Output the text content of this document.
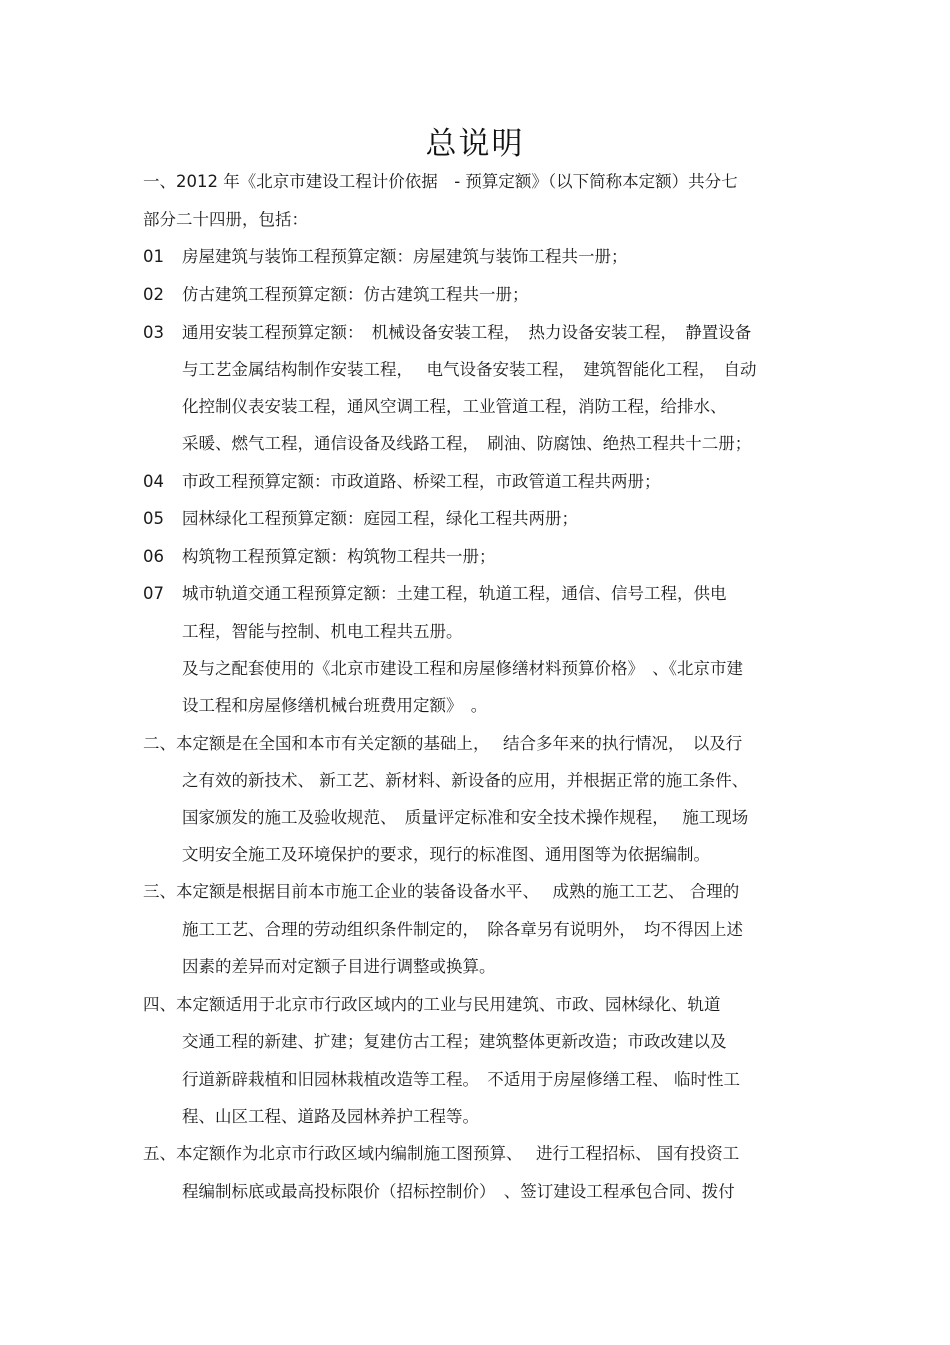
总说明
一、2012 年《北京市建设工程计价依据　- 预算定额》（以下简称本定额）共分七
部分二十四册，包括：
01 房屋建筑与装饰工程预算定额：房屋建筑与装饰工程共一册；
02 仿古建筑工程预算定额：仿古建筑工程共一册；
03 通用安装工程预算定额：　机械设备安装工程，　热力设备安装工程，　静置设备
与工艺金属结构制作安装工程，　 电气设备安装工程，　建筑智能化工程，　自动
化控制仪表安装工程，通风空调工程，工业管道工程，消防工程，给排水、
采暖、燃气工程，通信设备及线路工程，　刷油、防腐蚀、绝热工程共十二册；
04 市政工程预算定额：市政道路、桥梁工程，市政管道工程共两册；
05 园林绿化工程预算定额：庭园工程，绿化工程共两册；
06 构筑物工程预算定额：构筑物工程共一册；
07 城市轨道交通工程预算定额：土建工程，轨道工程，通信、信号工程，供电
工程，智能与控制、机电工程共五册。
及与之配套使用的《北京市建设工程和房屋修缮材料预算价格》　、《北京市建
设工程和房屋修缮机械台班费用定额》　。
二、本定额是在全国和本市有关定额的基础上，　 结合多年来的执行情况，　以及行
之有效的新技术、 新工艺、新材料、新设备的应用，并根据正常的施工条件、
国家颁发的施工及验收规范、　质量评定标准和安全技术操作规程，　 施工现场
文明安全施工及环境保护的要求，现行的标准图、通用图等为依据编制。
三、本定额是根据目前本市施工企业的装备设备水平、　 成熟的施工工艺、 合理的
施工工艺、合理的劳动组织条件制定的，　除各章另有说明外，　均不得因上述
因素的差异而对定额子目进行调整或换算。
四、本定额适用于北京市行政区域内的工业与民用建筑、市政、园林绿化、轨道
交通工程的新建、扩建；复建仿古工程；建筑整体更新改造；市政改建以及
行道新辟栽植和旧园林栽植改造等工程。　不适用于房屋修缮工程、 临时性工
程、山区工程、道路及园林养护工程等。
五、本定额作为北京市行政区域内编制施工图预算、　 进行工程招标、 国有投资工
程编制标底或最高投标限价（招标控制价）　、签订建设工程承包合同、拨付
